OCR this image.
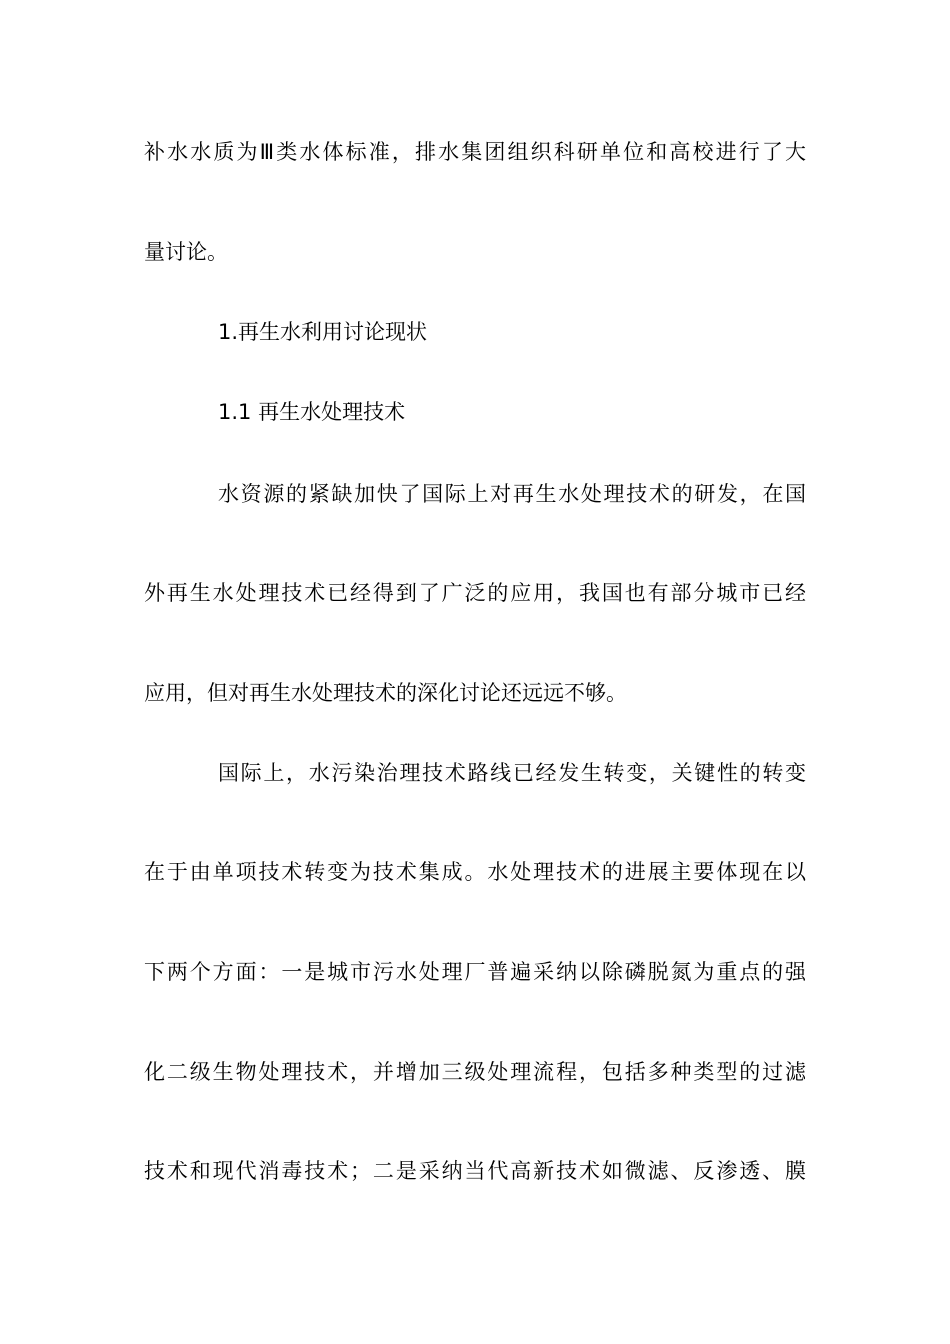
补水水质为Ⅲ类水体标准，排水集团组织科研单位和高校进行了大
量讨论。
1.再生水利用讨论现状
1.1 再生水处理技术
水资源的紧缺加快了国际上对再生水处理技术的研发，在国
外再生水处理技术已经得到了广泛的应用，我国也有部分城市已经
应用，但对再生水处理技术的深化讨论还远远不够。
国际上，水污染治理技术路线已经发生转变，关键性的转变
在于由单项技术转变为技术集成。水处理技术的进展主要体现在以
下两个方面：一是城市污水处理厂普遍采纳以除磷脱氮为重点的强
化二级生物处理技术，并增加三级处理流程，包括多种类型的过滤
技术和现代消毒技术；二是采纳当代高新技术如微滤、反渗透、膜
